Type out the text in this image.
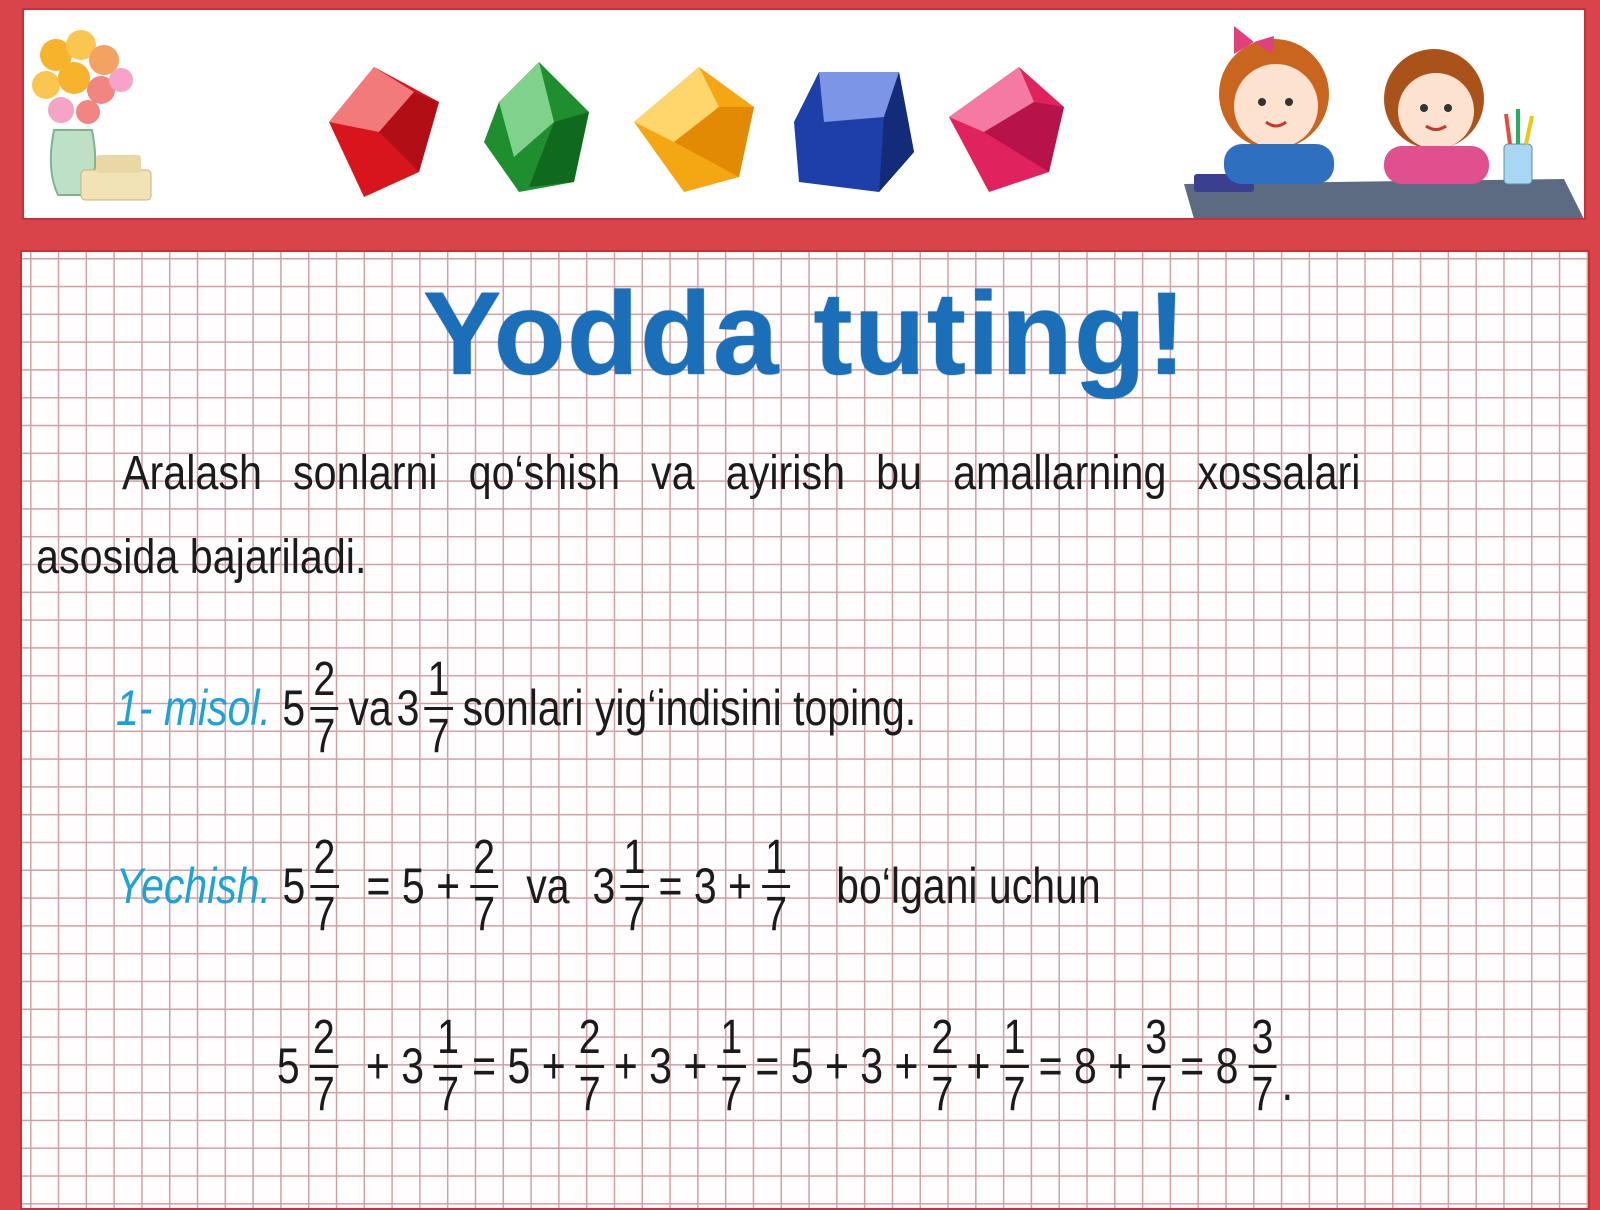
Yodda tuting!
Aralash sonlarni qo‘shish va ayirish bu amallarning xossalari asosida bajariladi.
1- misol. $5 \frac{2}{7}$ va $3 \frac{1}{7}$ sonlari yig‘indisini toping.
Yechish. $5 \frac{2}{7} = 5 + \frac{2}{7}$ va $3 \frac{1}{7} = 3 + \frac{1}{7}$ bo‘lgani uchun
$5 \frac{2}{7} + 3 \frac{1}{7} = 5 + \frac{2}{7} + 3 + \frac{1}{7} = 5 + 3 + \frac{2}{7} + \frac{1}{7} = 8 + \frac{3}{7} = 8 \frac{3}{7}$ .
